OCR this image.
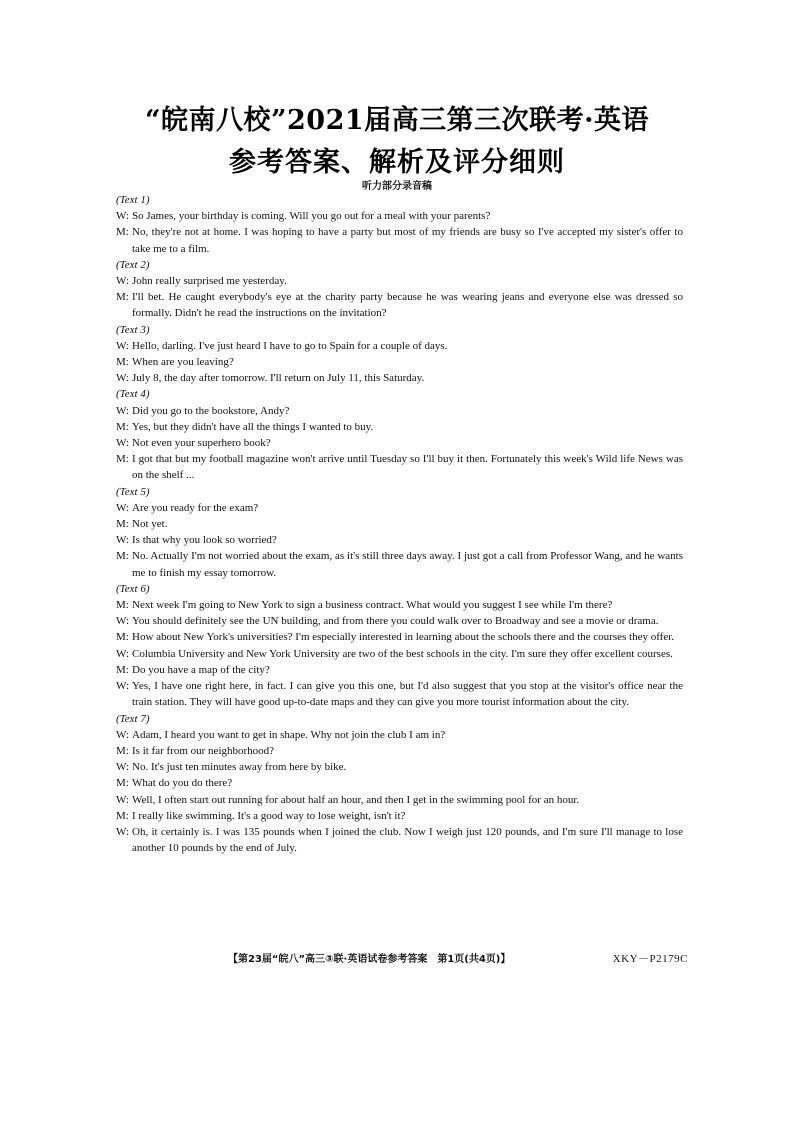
“皖南八校”2021届高三第三次联考·英语
参考答案、解析及评分细则
听力部分录音稿
(Text 1)
W: So James, your birthday is coming. Will you go out for a meal with your parents?
M: No, they're not at home. I was hoping to have a party but most of my friends are busy so I've accepted my sister's offer to take me to a film.
(Text 2)
W: John really surprised me yesterday.
M: I'll bet. He caught everybody's eye at the charity party because he was wearing jeans and everyone else was dressed so formally. Didn't he read the instructions on the invitation?
(Text 3)
W: Hello, darling. I've just heard I have to go to Spain for a couple of days.
M: When are you leaving?
W: July 8, the day after tomorrow. I'll return on July 11, this Saturday.
(Text 4)
W: Did you go to the bookstore, Andy?
M: Yes, but they didn't have all the things I wanted to buy.
W: Not even your superhero book?
M: I got that but my football magazine won't arrive until Tuesday so I'll buy it then. Fortunately this week's Wild life News was on the shelf ...
(Text 5)
W: Are you ready for the exam?
M: Not yet.
W: Is that why you look so worried?
M: No. Actually I'm not worried about the exam, as it's still three days away. I just got a call from Professor Wang, and he wants me to finish my essay tomorrow.
(Text 6)
M: Next week I'm going to New York to sign a business contract. What would you suggest I see while I'm there?
W: You should definitely see the UN building, and from there you could walk over to Broadway and see a movie or drama.
M: How about New York's universities? I'm especially interested in learning about the schools there and the courses they offer.
W: Columbia University and New York University are two of the best schools in the city. I'm sure they offer excellent courses.
M: Do you have a map of the city?
W: Yes, I have one right here, in fact. I can give you this one, but I'd also suggest that you stop at the visitor's office near the train station. They will have good up-to-date maps and they can give you more tourist information about the city.
(Text 7)
W: Adam, I heard you want to get in shape. Why not join the club I am in?
M: Is it far from our neighborhood?
W: No. It's just ten minutes away from here by bike.
M: What do you do there?
W: Well, I often start out running for about half an hour, and then I get in the swimming pool for an hour.
M: I really like swimming. It's a good way to lose weight, isn't it?
W: Oh, it certainly is. I was 135 pounds when I joined the club. Now I weigh just 120 pounds, and I'm sure I'll manage to lose another 10 pounds by the end of July.
【第23届“皖八”高三③联·英语试卷参考答案　第1页(共4页)】	XKY－P2179C
